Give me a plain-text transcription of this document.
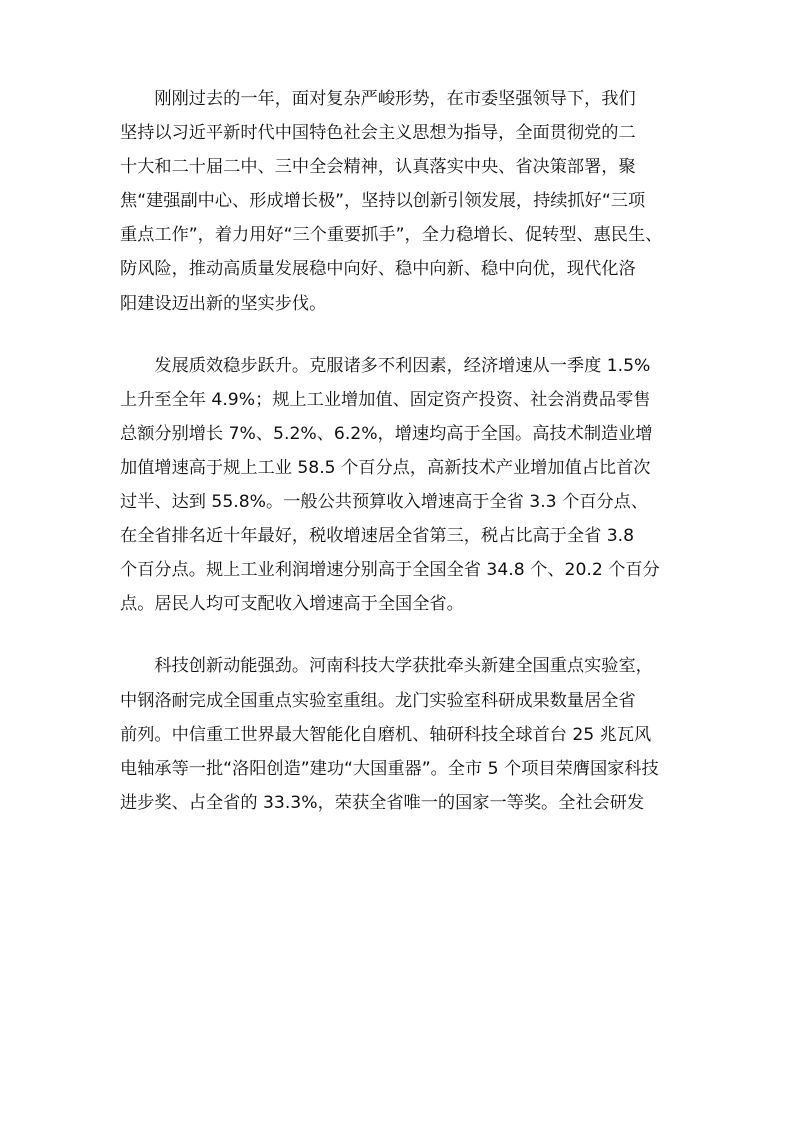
　　刚刚过去的一年，面对复杂严峻形势，在市委坚强领导下，我们
坚持以习近平新时代中国特色社会主义思想为指导，全面贯彻党的二
十大和二十届二中、三中全会精神，认真落实中央、省决策部署，聚
焦“建强副中心、形成增长极”，坚持以创新引领发展，持续抓好“三项
重点工作”，着力用好“三个重要抓手”，全力稳增长、促转型、惠民生、
防风险，推动高质量发展稳中向好、稳中向新、稳中向优，现代化洛
阳建设迈出新的坚实步伐。

　　发展质效稳步跃升。克服诸多不利因素，经济增速从一季度 1.5%
上升至全年 4.9%；规上工业增加值、固定资产投资、社会消费品零售
总额分别增长 7%、5.2%、6.2%，增速均高于全国。高技术制造业增
加值增速高于规上工业 58.5 个百分点，高新技术产业增加值占比首次
过半、达到 55.8%。一般公共预算收入增速高于全省 3.3 个百分点、
在全省排名近十年最好，税收增速居全省第三，税占比高于全省 3.8
个百分点。规上工业利润增速分别高于全国全省 34.8 个、20.2 个百分
点。居民人均可支配收入增速高于全国全省。

　　科技创新动能强劲。河南科技大学获批牵头新建全国重点实验室，
中钢洛耐完成全国重点实验室重组。龙门实验室科研成果数量居全省
前列。中信重工世界最大智能化自磨机、轴研科技全球首台 25 兆瓦风
电轴承等一批“洛阳创造”建功“大国重器”。全市 5 个项目荣膺国家科技
进步奖、占全省的 33.3%，荣获全省唯一的国家一等奖。全社会研发
